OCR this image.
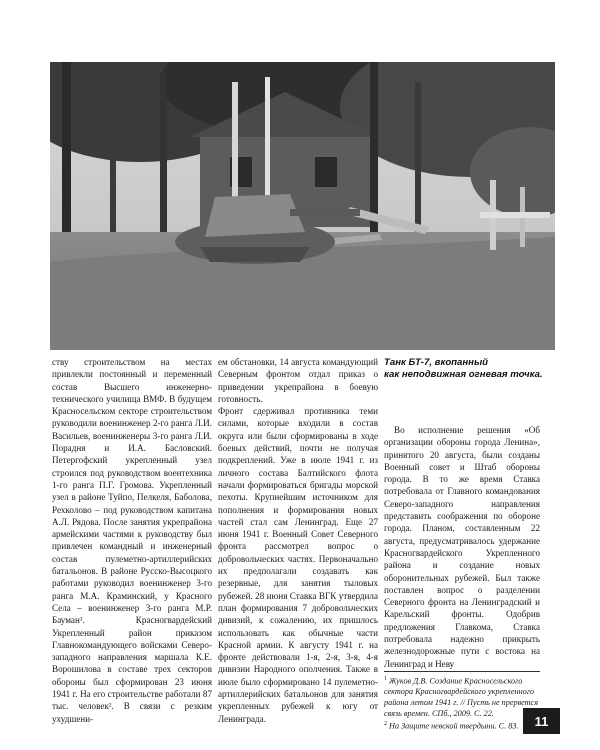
ству строительством на местах привлекли постоянный и переменный состав Высшего инженерно-технического училища ВМФ. В будущем Красносельском секторе строительством руководили военинженер 2-го ранга Л.И. Васильев, военинженеры 3-го ранга Л.И. Порадня и И.А. Басловский. Петергофский укрепленный узел строился под руководством воентехника 1-го ранга П.Г. Громова. Укрепленный узел в районе Туйпо, Пелкеля, Баболова, Рехколово – под руководством капитана А.Л. Рядова. После занятия укрепрайона армейскими частями к руководству был привлечен командный и инженерный состав пулеметно-артиллерийских батальонов. В районе Русско-Высоцкого работами руководил военинженер 3-го ранга М.А. Краминский, у Красного Села – военинженер 3-го ранга М.Р. Бауман¹. Красногвардейский Укрепленный район приказом Главнокомандующего войсками Северо-западного направления маршала К.Е. Ворошилова в составе трех секторов обороны был сформирован 23 июня 1941 г. На его строительстве работали 87 тыс. человек². В связи с резким ухудшени-
ем обстановки, 14 августа командующий Северным фронтом отдал приказ о приведении укрепрайона в боевую готовность.
Фронт сдерживал противника теми силами, которые входили в состав округа или были сформированы в ходе боевых действий, почти не получая подкреплений. Уже в июле 1941 г. из личного состава Балтийского флота начали формироваться бригады морской пехоты. Крупнейшим источником для пополнения и формирования новых частей стал сам Ленинград. Еще 27 июня 1941 г. Военный Совет Северного фронта рассмотрел вопрос о добровольческих частях. Первоначально их предполагали создавать как резервные, для занятия тыловых рубежей. 28 июня Ставка ВГК утвердила план формирования 7 добровольческих дивизий, к сожалению, их пришлось использовать как обычные части Красной армии. К августу 1941 г. на фронте действовали 1-я, 2-я, 3-я, 4-я дивизии Народного ополчения. Также в июле было сформировано 14 пулеметно-артиллерийских батальонов для занятия укрепленных рубежей к югу от Ленинграда.
Танк БТ-7, вкопанный
как неподвижная огневая точка.
Во исполнение решения «Об организации обороны города Ленина», принятого 20 августа, были созданы Военный совет и Штаб обороны города. В то же время Ставка потребовала от Главного командования Северо-западного направления представить соображения по обороне города. Планом, составленным 22 августа, предусматривалось удержание Красногвардейского Укрепленного района и создание новых оборонительных рубежей. Был также поставлен вопрос о разделении Северного фронта на Ленинградский и Карельский фронты. Одобрив предложения Главкома, Ставка потребовала надежно прикрыть железнодорожные пути с востока на Ленинград и Неву
$^1$ Жуков Д.В. Создание Красносельского сектора Красногвардейского укрепленного района летом 1941 г. // Пусть не прервется связь времен. СПб., 2009. С. 22.
$^2$ На Защите невской твердыни. С. 83.	11
